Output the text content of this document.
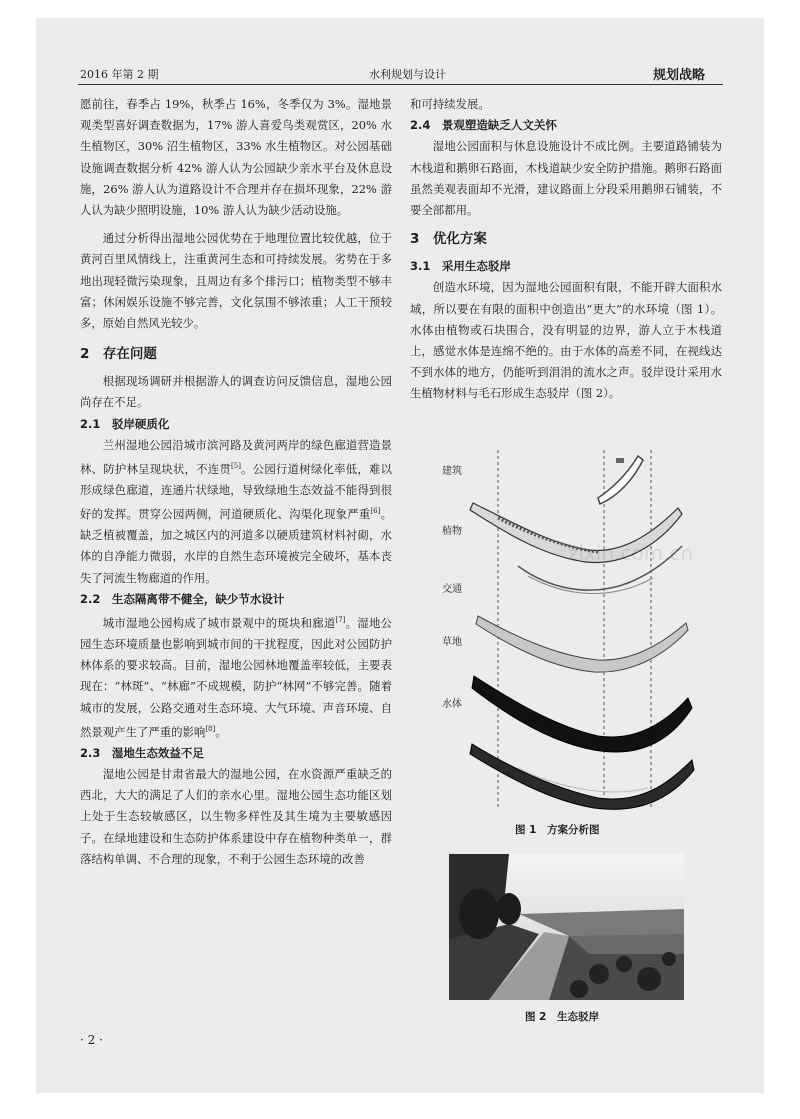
2016 年第 2 期	水利规划与设计	规划战略

愿前往，春季占 19%，秋季占 16%，冬季仅为 3%。湿地景观类型喜好调查数据为，17% 游人喜爱鸟类观赏区，20% 水生植物区，30% 沼生植物区，33% 水生植物区。对公园基础设施调查数据分析 42% 游人认为公园缺少亲水平台及休息设施，26% 游人认为道路设计不合理并存在损坏现象，22% 游人认为缺少照明设施，10% 游人认为缺少活动设施。

通过分析得出湿地公园优势在于地理位置比较优越，位于黄河百里风情线上，注重黄河生态和可持续发展。劣势在于多地出现轻微污染现象，且周边有多个排污口；植物类型不够丰富；休闲娱乐设施不够完善，文化氛围不够浓重；人工干预较多，原始自然风光较少。

2　存在问题

根据现场调研并根据游人的调查访问反馈信息，湿地公园尚存在不足。

2.1　驳岸硬质化

兰州湿地公园沿城市滨河路及黄河两岸的绿色廊道营造景林、防护林呈现块状，不连贯[5]。公园行道树绿化率低，难以形成绿色廊道，连通片状绿地，导致绿地生态效益不能得到很好的发挥。贯穿公园两侧，河道硬质化、沟渠化现象严重[6]。缺乏植被覆盖，加之城区内的河道多以硬质建筑材料衬砌，水体的自净能力微弱，水岸的自然生态环境被完全破坏，基本丧失了河流生物廊道的作用。

2.2　生态隔离带不健全，缺少节水设计

城市湿地公园构成了城市景观中的斑块和廊道[7]。湿地公园生态环境质量也影响到城市间的干扰程度，因此对公园防护林体系的要求较高。目前，湿地公园林地覆盖率较低，主要表现在：“林斑”、“林廊”不成规模，防护“林网”不够完善。随着城市的发展，公路交通对生态环境、大气环境、声音环境、自然景观产生了严重的影响[8]。

2.3　湿地生态效益不足

湿地公园是甘肃省最大的湿地公园，在水资源严重缺乏的西北，大大的满足了人们的亲水心里。湿地公园生态功能区划上处于生态较敏感区，以生物多样性及其生境为主要敏感因子。在绿地建设和生态防护体系建设中存在植物种类单一，群落结构单调、不合理的现象，不利于公园生态环境的改善

和可持续发展。

2.4　景观塑造缺乏人文关怀

湿地公园面积与休息设施设计不成比例。主要道路铺装为木栈道和鹅卵石路面，木栈道缺少安全防护措施。鹅卵石路面虽然美观表面却不光滑，建议路面上分段采用鹅卵石铺装，不要全部都用。

3　优化方案
3.1　采用生态驳岸

创造水环境，因为湿地公园面积有限，不能开辟大面积水域，所以要在有限的面积中创造出“更大”的水环境（图 1）。水体由植物或石块围合，没有明显的边界，游人立于木栈道上，感觉水体是连绵不绝的。由于水体的高差不同，在视线达不到水体的地方，仍能听到涓涓的流水之声。驳岸设计采用水生植物材料与毛石形成生态驳岸（图 2）。

建筑
植物
交通
草地
水体
zixin.com.cn
图 1　方案分析图
图 2　生态驳岸
· 2 ·
